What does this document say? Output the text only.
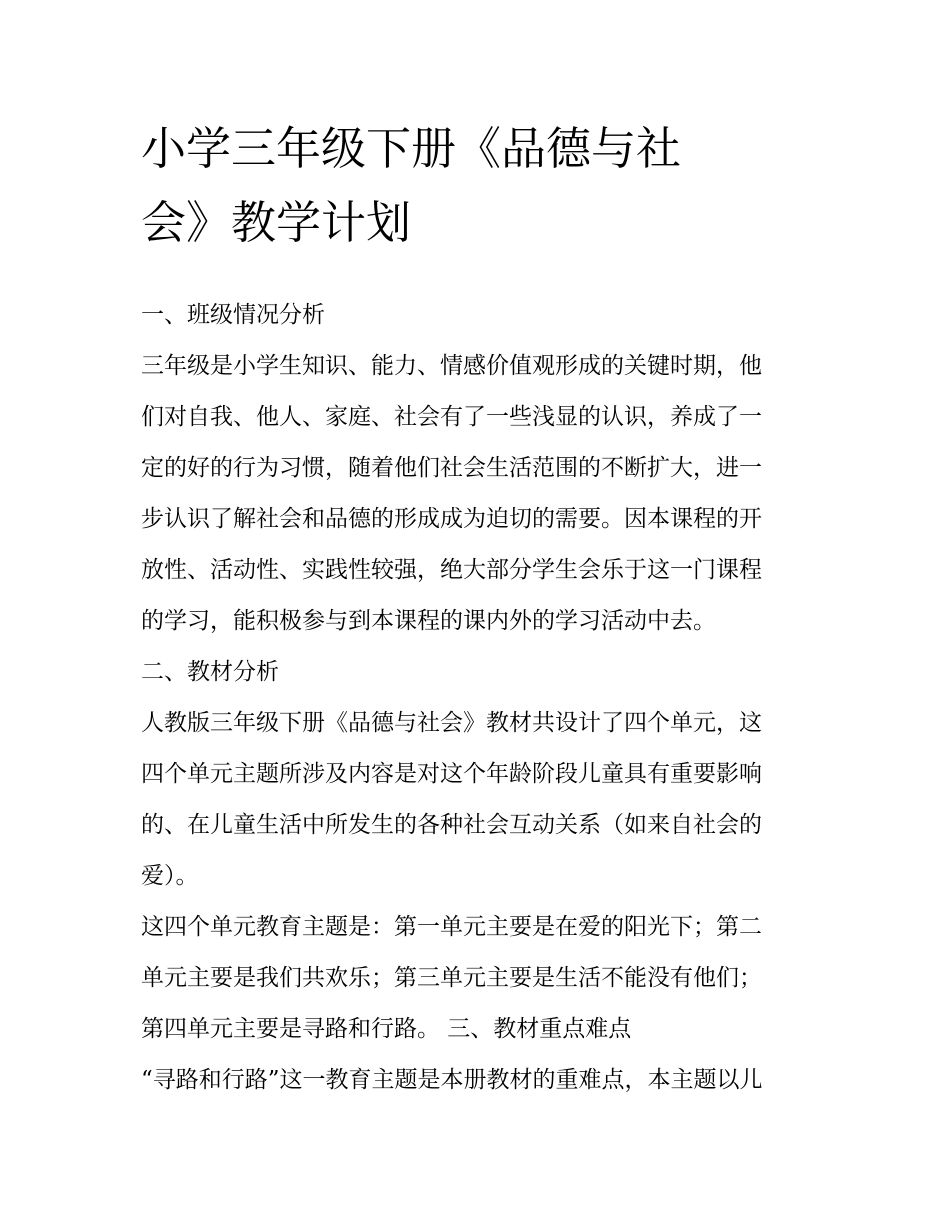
小学三年级下册《品德与社
会》教学计划
一、班级情况分析
三年级是小学生知识、能力、情感价值观形成的关键时期，他
们对自我、他人、家庭、社会有了一些浅显的认识，养成了一
定的好的行为习惯，随着他们社会生活范围的不断扩大，进一
步认识了解社会和品德的形成成为迫切的需要。因本课程的开
放性、活动性、实践性较强，绝大部分学生会乐于这一门课程
的学习，能积极参与到本课程的课内外的学习活动中去。
二、教材分析
人教版三年级下册《品德与社会》教材共设计了四个单元，这
四个单元主题所涉及内容是对这个年龄阶段儿童具有重要影响
的、在儿童生活中所发生的各种社会互动关系（如来自社会的
爱）。
这四个单元教育主题是：第一单元主要是在爱的阳光下；第二
单元主要是我们共欢乐；第三单元主要是生活不能没有他们；
第四单元主要是寻路和行路。 三、教材重点难点
“寻路和行路”这一教育主题是本册教材的重难点，本主题以儿
